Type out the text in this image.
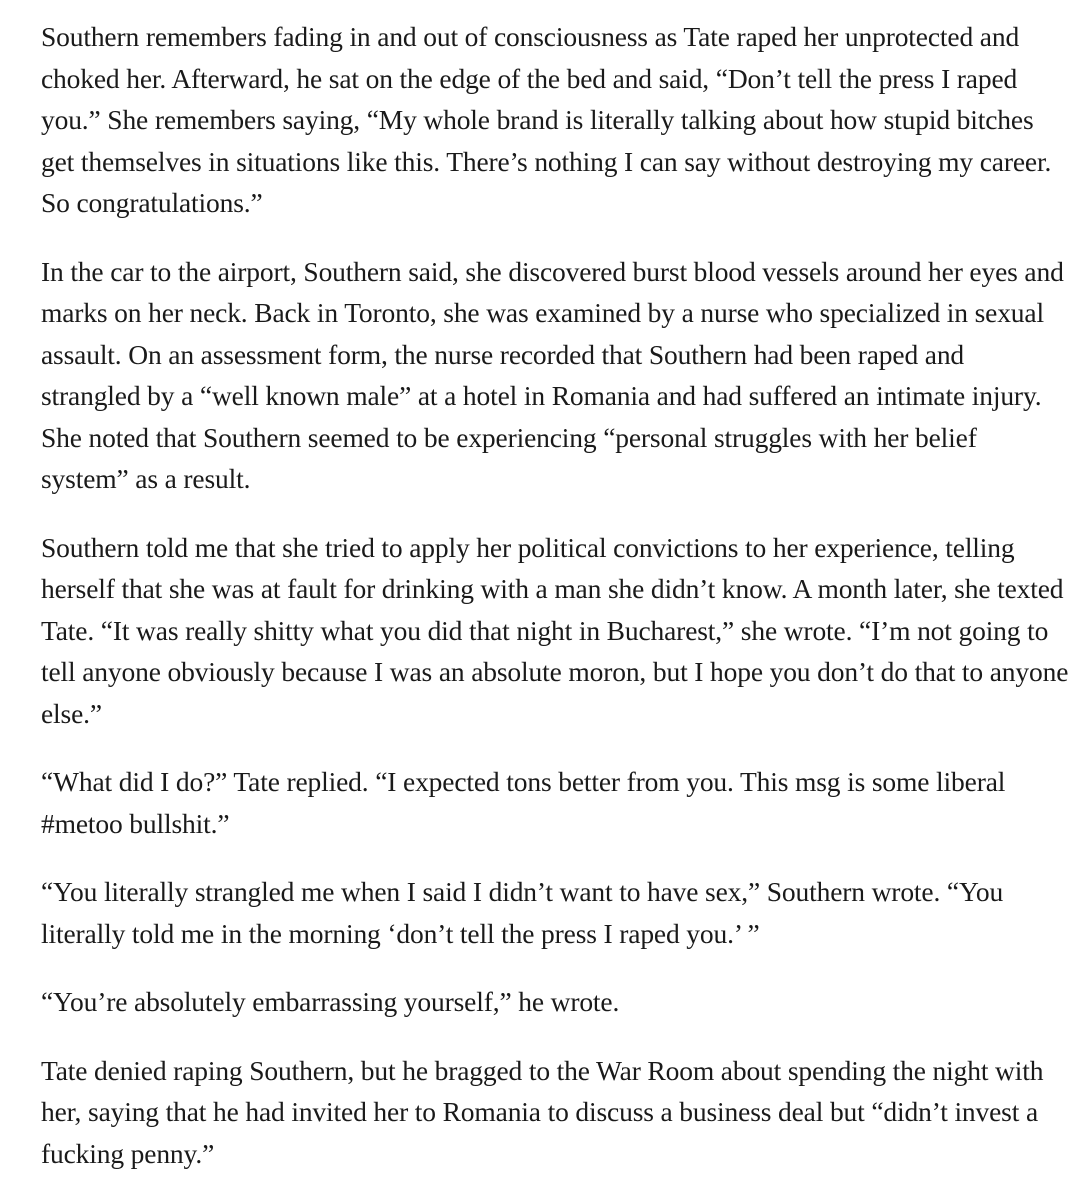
Southern remembers fading in and out of consciousness as Tate raped her unprotected and choked her. Afterward, he sat on the edge of the bed and said, “Don’t tell the press I raped you.” She remembers saying, “My whole brand is literally talking about how stupid bitches get themselves in situations like this. There’s nothing I can say without destroying my career. So congratulations.”

In the car to the airport, Southern said, she discovered burst blood vessels around her eyes and marks on her neck. Back in Toronto, she was examined by a nurse who specialized in sexual assault. On an assessment form, the nurse recorded that Southern had been raped and strangled by a “well known male” at a hotel in Romania and had suffered an intimate injury. She noted that Southern seemed to be experiencing “personal struggles with her belief system” as a result.

Southern told me that she tried to apply her political convictions to her experience, telling herself that she was at fault for drinking with a man she didn’t know. A month later, she texted Tate. “It was really shitty what you did that night in Bucharest,” she wrote. “I’m not going to tell anyone obviously because I was an absolute moron, but I hope you don’t do that to anyone else.”

“What did I do?” Tate replied. “I expected tons better from you. This msg is some liberal #metoo bullshit.”

“You literally strangled me when I said I didn’t want to have sex,” Southern wrote. “You literally told me in the morning ‘don’t tell the press I raped you.’ ”

“You’re absolutely embarrassing yourself,” he wrote.

Tate denied raping Southern, but he bragged to the War Room about spending the night with her, saying that he had invited her to Romania to discuss a business deal but “didn’t invest a fucking penny.”
